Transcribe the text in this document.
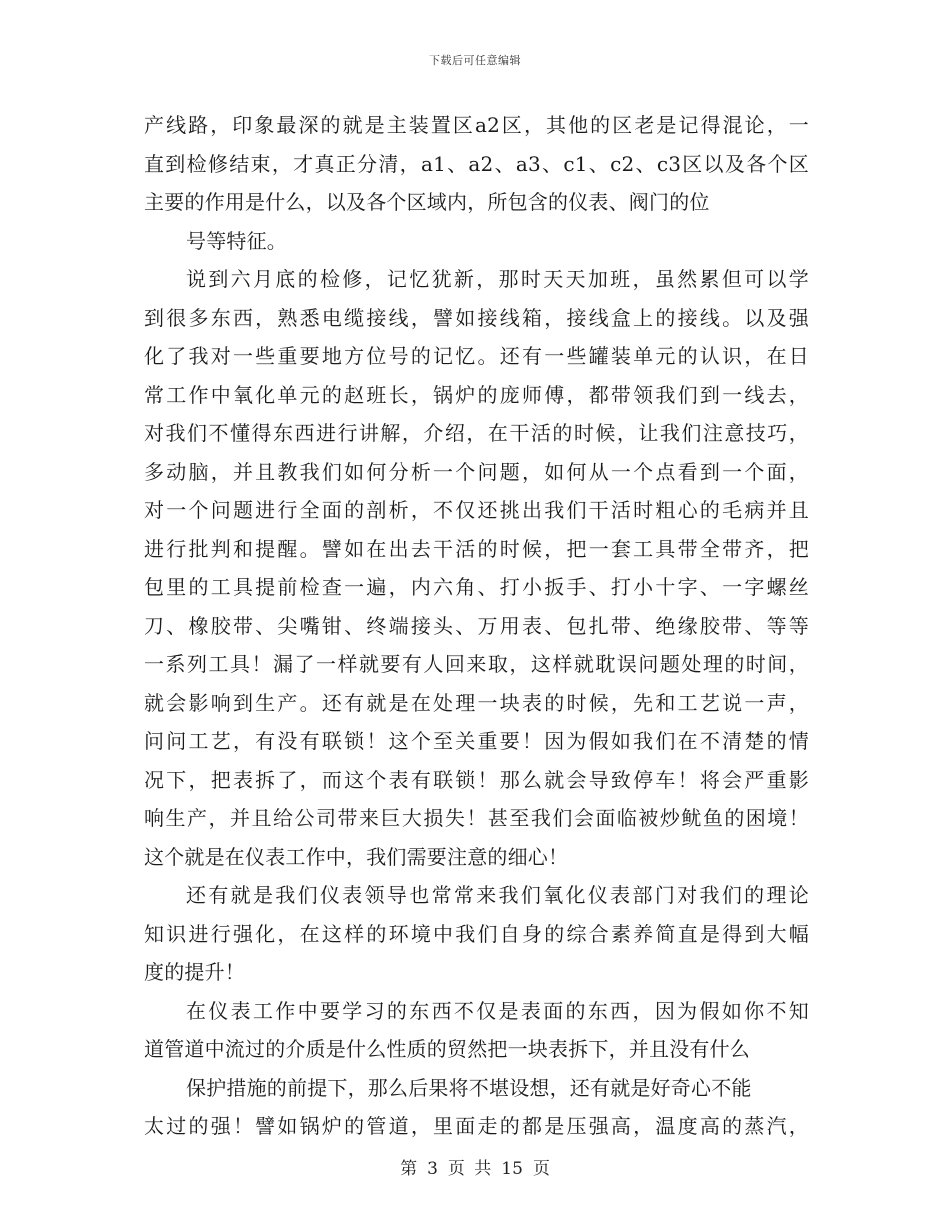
下载后可任意编辑
产线路，印象最深的就是主装置区a2区，其他的区老是记得混论，一
直到检修结束，才真正分清，a1、a2、a3、c1、c2、c3区以及各个区
主要的作用是什么，以及各个区域内，所包含的仪表、阀门的位
号等特征。
说到六月底的检修，记忆犹新，那时天天加班，虽然累但可以学
到很多东西，熟悉电缆接线，譬如接线箱，接线盒上的接线。以及强
化了我对一些重要地方位号的记忆。还有一些罐装单元的认识，在日
常工作中氧化单元的赵班长，锅炉的庞师傅，都带领我们到一线去，
对我们不懂得东西进行讲解，介绍，在干活的时候，让我们注意技巧，
多动脑，并且教我们如何分析一个问题，如何从一个点看到一个面，
对一个问题进行全面的剖析，不仅还挑出我们干活时粗心的毛病并且
进行批判和提醒。譬如在出去干活的时候，把一套工具带全带齐，把
包里的工具提前检查一遍，内六角、打小扳手、打小十字、一字螺丝
刀、橡胶带、尖嘴钳、终端接头、万用表、包扎带、绝缘胶带、等等
一系列工具！漏了一样就要有人回来取，这样就耽误问题处理的时间，
就会影响到生产。还有就是在处理一块表的时候，先和工艺说一声，
问问工艺，有没有联锁！这个至关重要！因为假如我们在不清楚的情
况下，把表拆了，而这个表有联锁！那么就会导致停车！将会严重影
响生产，并且给公司带来巨大损失！甚至我们会面临被炒鱿鱼的困境！
这个就是在仪表工作中，我们需要注意的细心！
还有就是我们仪表领导也常常来我们氧化仪表部门对我们的理论
知识进行强化，在这样的环境中我们自身的综合素养简直是得到大幅
度的提升！
在仪表工作中要学习的东西不仅是表面的东西，因为假如你不知
道管道中流过的介质是什么性质的贸然把一块表拆下，并且没有什么
保护措施的前提下，那么后果将不堪设想，还有就是好奇心不能
太过的强！譬如锅炉的管道，里面走的都是压强高，温度高的蒸汽，
第 3 页 共 15 页
